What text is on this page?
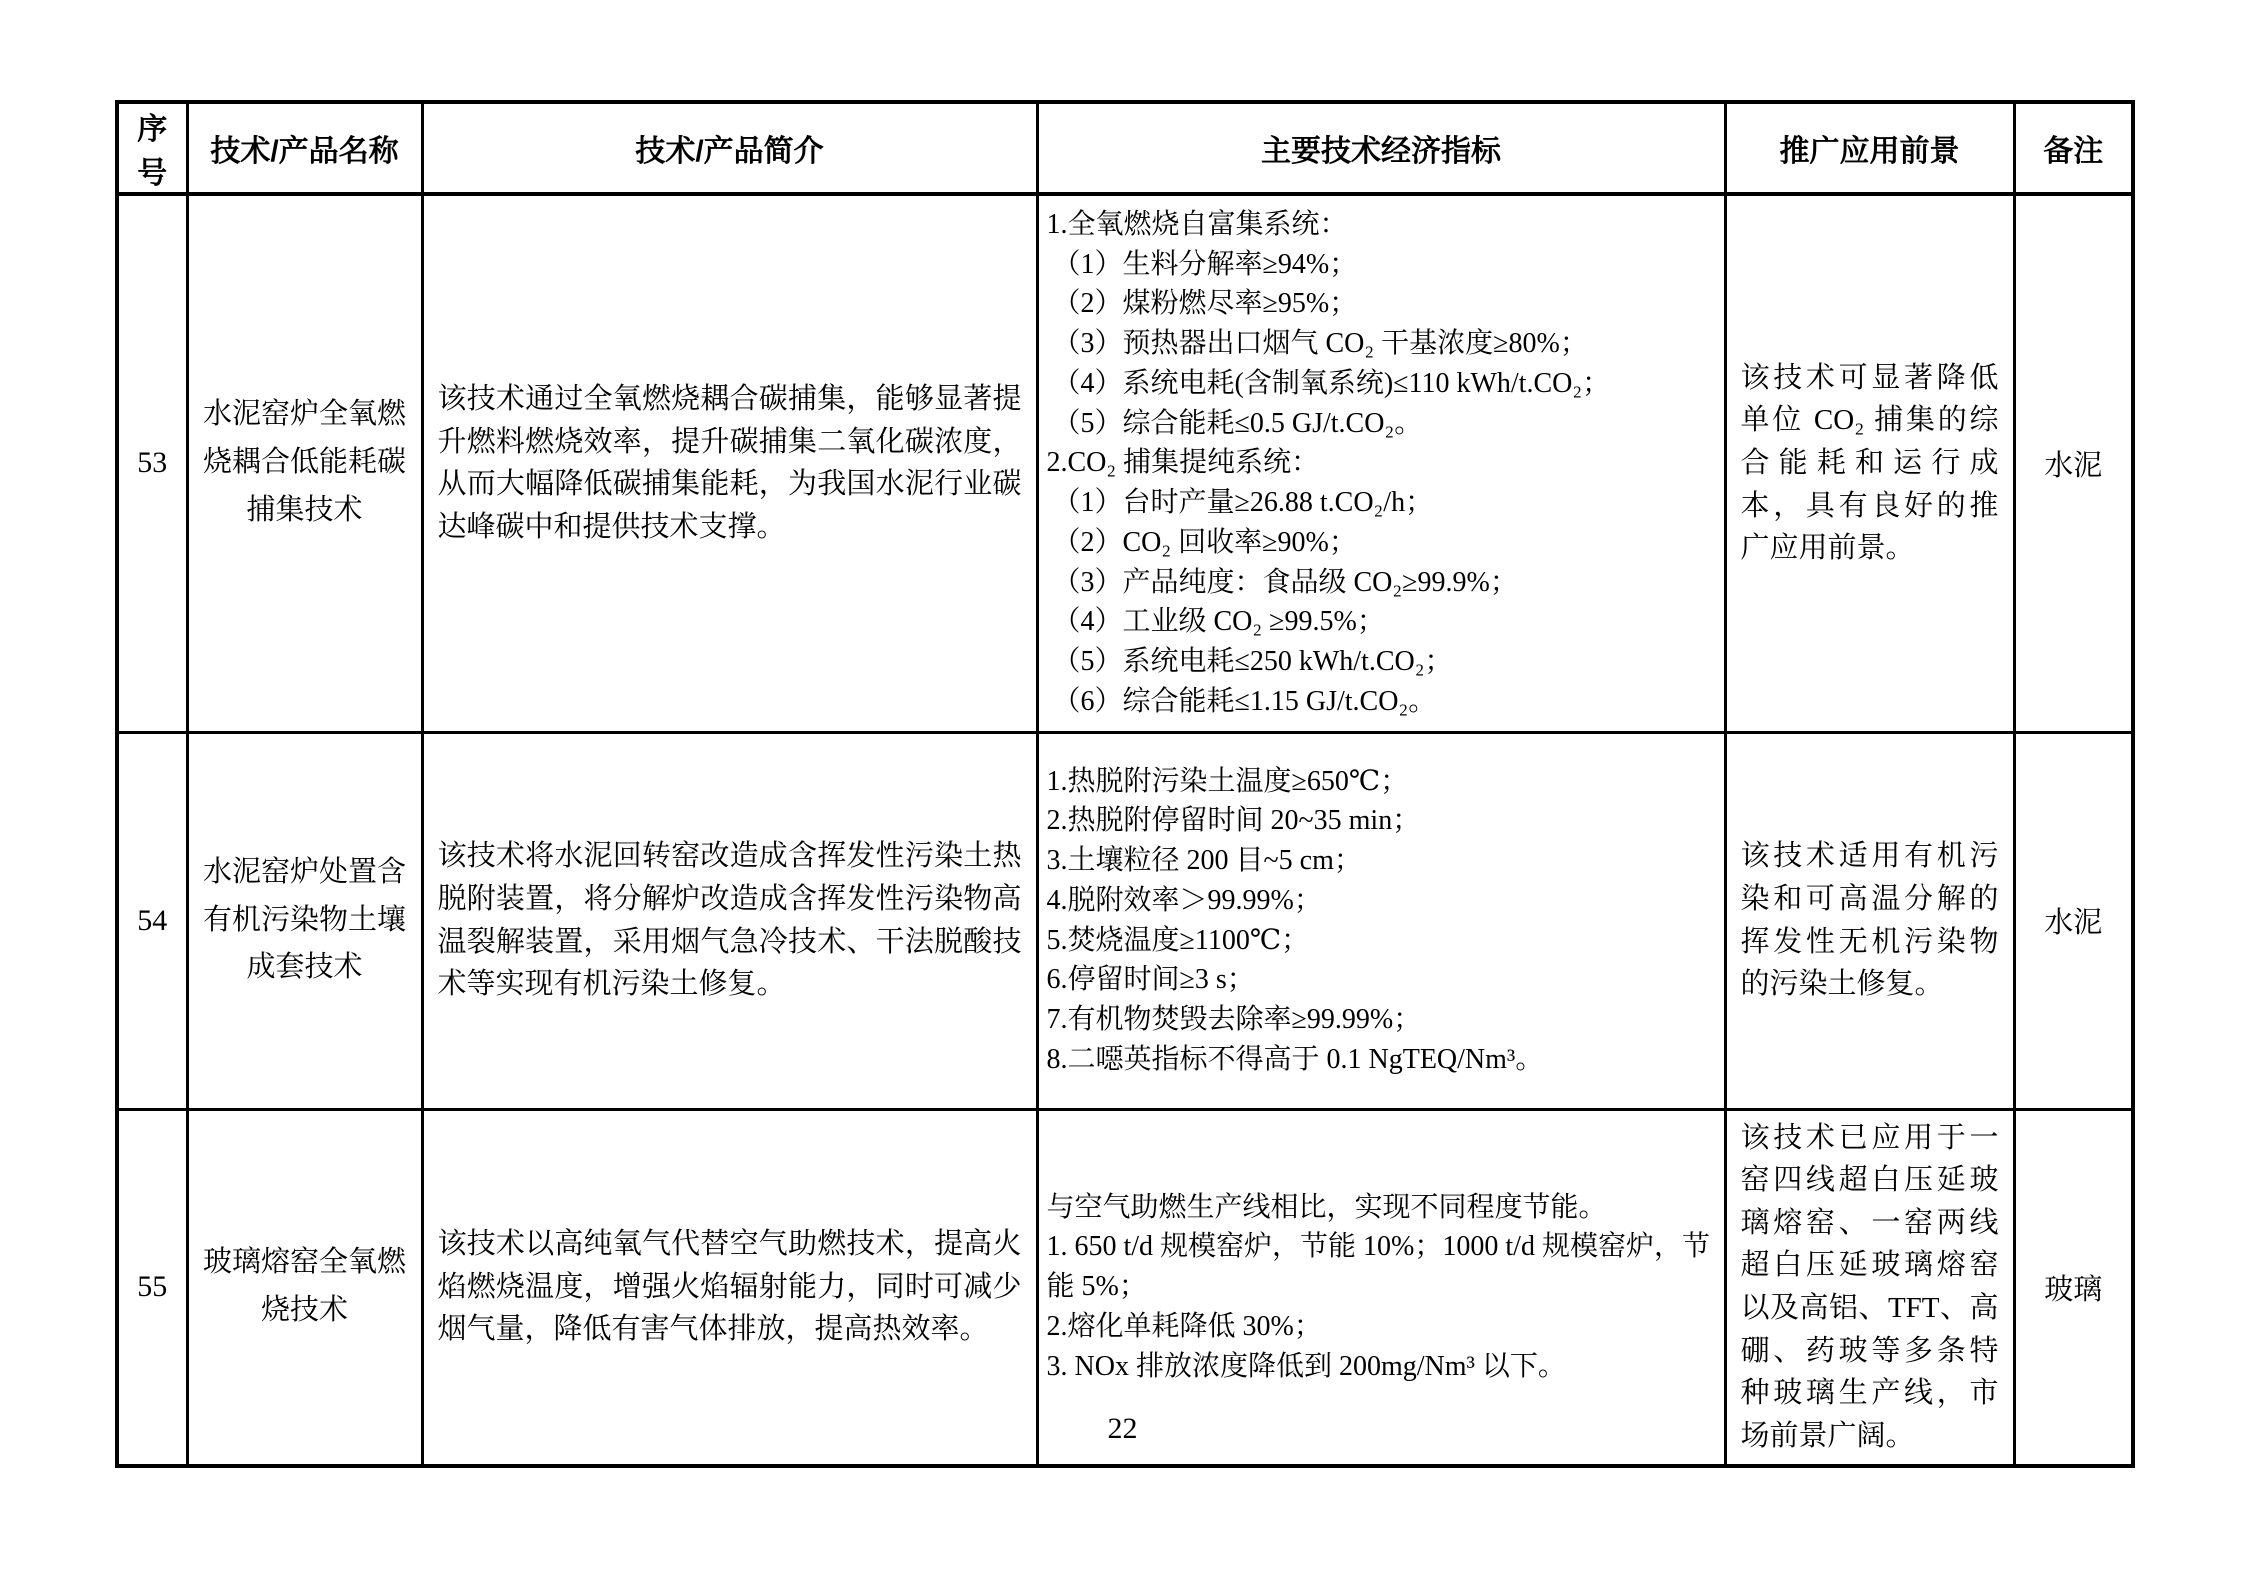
序号	技术/产品名称	技术/产品简介	主要技术经济指标	推广应用前景	备注
53	水泥窑炉全氧燃烧耦合低能耗碳捕集技术	该技术通过全氧燃烧耦合碳捕集，能够显著提升燃料燃烧效率，提升碳捕集二氧化碳浓度，从而大幅降低碳捕集能耗，为我国水泥行业碳达峰碳中和提供技术支撑。	
1.全氧燃烧自富集系统：
（1）生料分解率≥94%；
（2）煤粉燃尽率≥95%；
（3）预热器出口烟气 CO₂ 干基浓度≥80%；
（4）系统电耗(含制氧系统)≤110 kWh/t.CO₂；
（5）综合能耗≤0.5 GJ/t.CO₂。
2.CO₂ 捕集提纯系统：
（1）台时产量≥26.88 t.CO₂/h；
（2）CO₂ 回收率≥90%；
（3）产品纯度：食品级 CO₂≥99.9%；
（4）工业级 CO₂ ≥99.5%；
（5）系统电耗≤250 kWh/t.CO₂；
（6）综合能耗≤1.15 GJ/t.CO₂。
	该技术可显著降低单位 CO₂ 捕集的综合能耗和运行成本，具有良好的推广应用前景。	水泥
54	水泥窑炉处置含有机污染物土壤成套技术	该技术将水泥回转窑改造成含挥发性污染土热脱附装置，将分解炉改造成含挥发性污染物高温裂解装置，采用烟气急冷技术、干法脱酸技术等实现有机污染土修复。	
1.热脱附污染土温度≥650℃；
2.热脱附停留时间 20~35 min；
3.土壤粒径 200 目~5 cm；
4.脱附效率＞99.99%；
5.焚烧温度≥1100℃；
6.停留时间≥3 s；
7.有机物焚毁去除率≥99.99%；
8.二噁英指标不得高于 0.1 NgTEQ/Nm³。
	该技术适用有机污染和可高温分解的挥发性无机污染物的污染土修复。	水泥
55	玻璃熔窑全氧燃烧技术	该技术以高纯氧气代替空气助燃技术，提高火焰燃烧温度，增强火焰辐射能力，同时可减少烟气量，降低有害气体排放，提高热效率。	与空气助燃生产线相比，实现不同程度节能。
1. 650 t/d 规模窑炉，节能 10%；1000 t/d 规模窑炉，节能 5%；
2.熔化单耗降低 30%；
3. NOx 排放浓度降低到 200mg/Nm³ 以下。	该技术已应用于一窑四线超白压延玻璃熔窑、一窑两线超白压延玻璃熔窑以及高铝、TFT、高硼、药玻等多条特种玻璃生产线，市场前景广阔。	玻璃
22
